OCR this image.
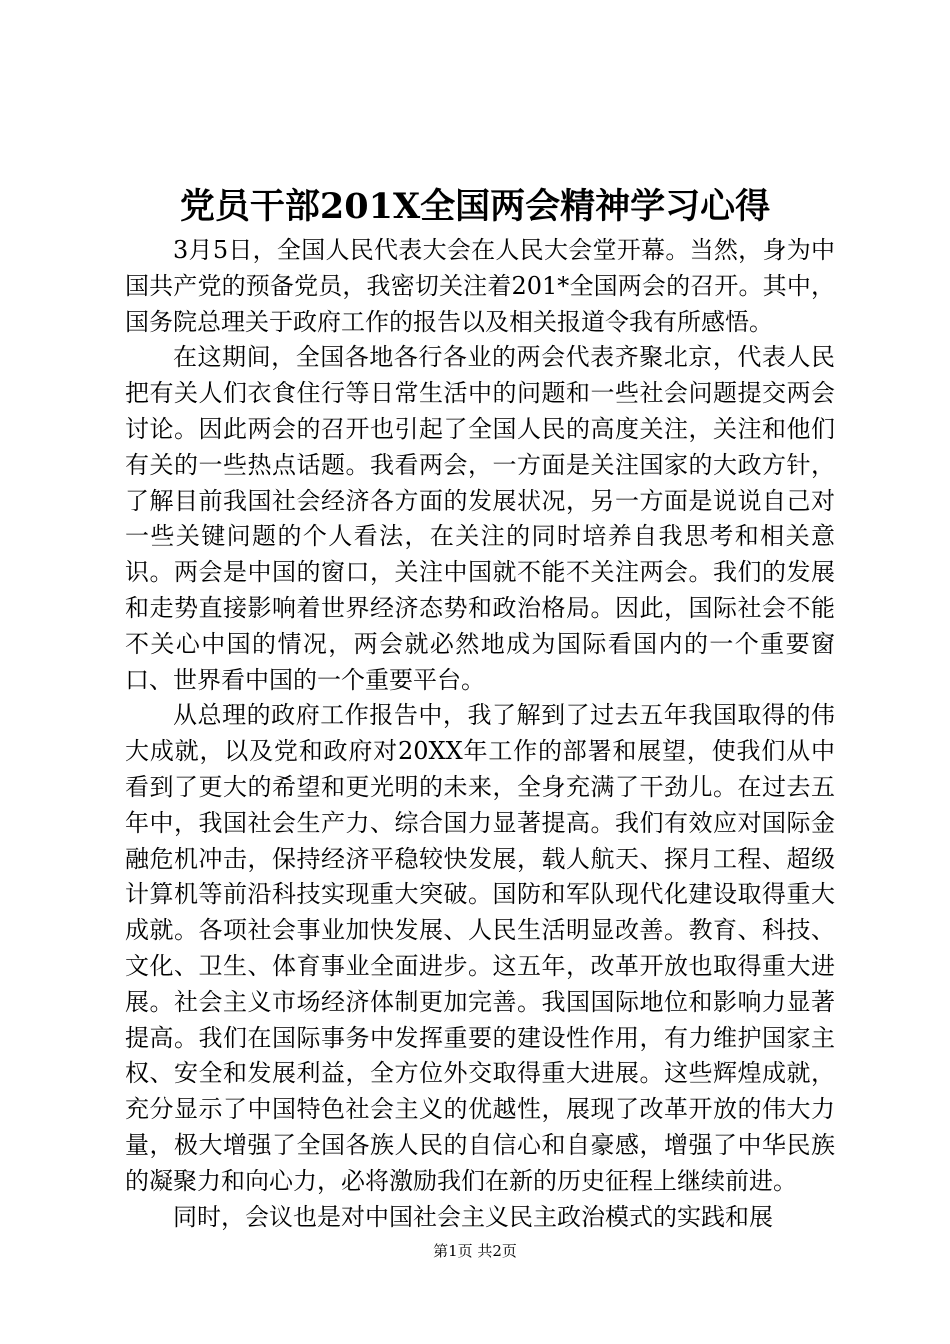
党员干部201X全国两会精神学习心得

3月5日，全国人民代表大会在人民大会堂开幕。当然，身为中国共产党的预备党员，我密切关注着201*全国两会的召开。其中，国务院总理关于政府工作的报告以及相关报道令我有所感悟。

在这期间，全国各地各行各业的两会代表齐聚北京，代表人民把有关人们衣食住行等日常生活中的问题和一些社会问题提交两会讨论。因此两会的召开也引起了全国人民的高度关注，关注和他们有关的一些热点话题。我看两会，一方面是关注国家的大政方针，了解目前我国社会经济各方面的发展状况，另一方面是说说自己对一些关键问题的个人看法，在关注的同时培养自我思考和相关意识。两会是中国的窗口，关注中国就不能不关注两会。我们的发展和走势直接影响着世界经济态势和政治格局。因此，国际社会不能不关心中国的情况，两会就必然地成为国际看国内的一个重要窗口、世界看中国的一个重要平台。

从总理的政府工作报告中，我了解到了过去五年我国取得的伟大成就，以及党和政府对20XX年工作的部署和展望，使我们从中看到了更大的希望和更光明的未来，全身充满了干劲儿。在过去五年中，我国社会生产力、综合国力显著提高。我们有效应对国际金融危机冲击，保持经济平稳较快发展，载人航天、探月工程、超级计算机等前沿科技实现重大突破。国防和军队现代化建设取得重大成就。各项社会事业加快发展、人民生活明显改善。教育、科技、文化、卫生、体育事业全面进步。这五年，改革开放也取得重大进展。社会主义市场经济体制更加完善。我国国际地位和影响力显著提高。我们在国际事务中发挥重要的建设性作用，有力维护国家主权、安全和发展利益，全方位外交取得重大进展。这些辉煌成就，充分显示了中国特色社会主义的优越性，展现了改革开放的伟大力量，极大增强了全国各族人民的自信心和自豪感，增强了中华民族的凝聚力和向心力，必将激励我们在新的历史征程上继续前进。

同时，会议也是对中国社会主义民主政治模式的实践和展

第1页 共2页
